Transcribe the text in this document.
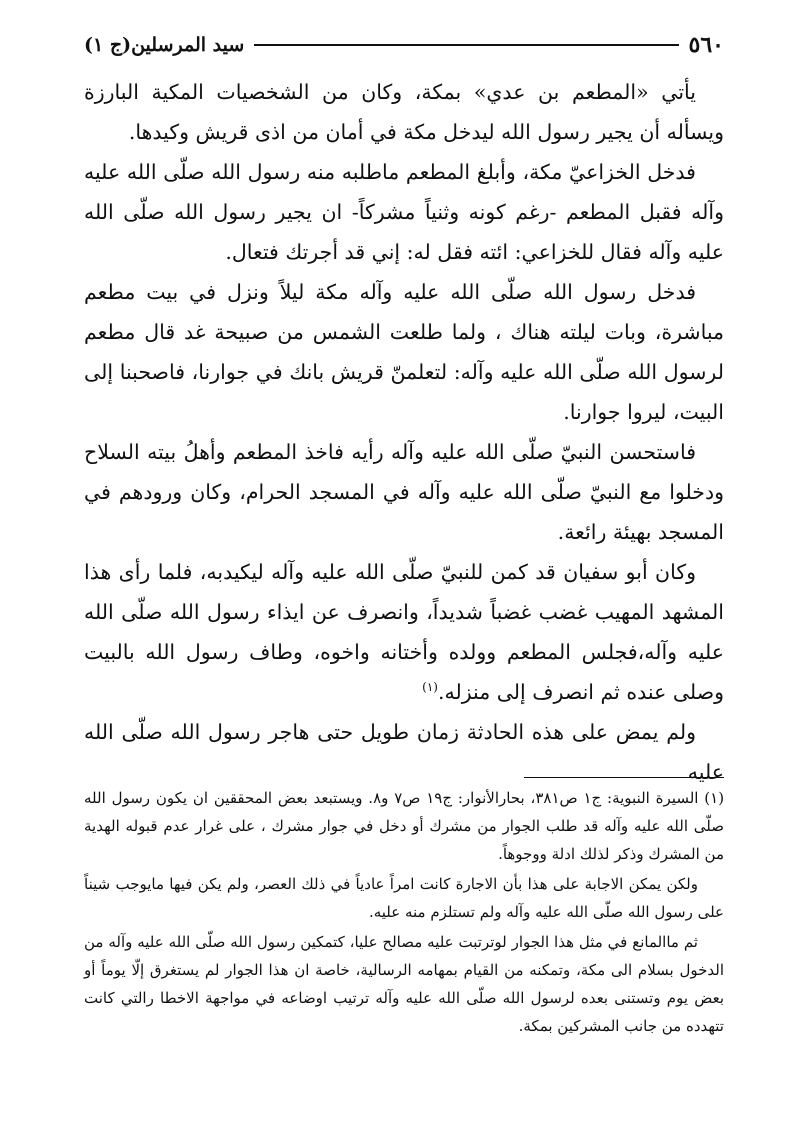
٥٦٠
سيد المرسلين(ج ١)

يأتي «المطعم بن عدي» بمكة، وكان من الشخصيات المكية البارزة ويسأله أن يجير رسول الله ليدخل مكة في أمان من اذى قريش وكيدها.

فدخل الخزاعيّ مكة، وأبلغ المطعم ماطلبه منه رسول الله صلّى الله عليه وآله فقبل المطعم -رغم كونه وثنياً مشركاً- ان يجير رسول الله صلّى الله عليه وآله فقال للخزاعي: ائته فقل له: إني قد أجرتك فتعال.

فدخل رسول الله صلّى الله عليه وآله مكة ليلاً ونزل في بيت مطعم مباشرة، وبات ليلته هناك ، ولما طلعت الشمس من صبيحة غد قال مطعم لرسول الله صلّى الله عليه وآله: لتعلمنّ قريش بانك في جوارنا، فاصحبنا إلى البيت، ليروا جوارنا.

فاستحسن النبيّ صلّى الله عليه وآله رأيه فاخذ المطعم وأهلُ بيته السلاح ودخلوا مع النبيّ صلّى الله عليه وآله في المسجد الحرام، وكان ورودهم في المسجد بهيئة رائعة.

وكان أبو سفيان قد كمن للنبيّ صلّى الله عليه وآله ليكيدبه، فلما رأى هذا المشهد المهيب غضب غضباً شديداً، وانصرف عن ايذاء رسول الله صلّى الله عليه وآله،فجلس المطعم وولده وأختانه واخوه، وطاف رسول الله بالبيت وصلى عنده ثم انصرف إلى منزله.$^{(١)}$

ولم يمض على هذه الحادثة زمان طويل حتى هاجر رسول الله صلّى الله عليه

(١) السيرة النبوية: ج١ ص٣٨١، بحارالأنوار: ج١٩ ص٧ و٨. ويستبعد بعض المحققين ان يكون رسول الله صلّى الله عليه وآله قد طلب الجوار من مشرك أو دخل في جوار مشرك ، على غرار عدم قبوله الهدية من المشرك وذكر لذلك ادلة ووجوهاً.

ولكن يمكن الاجابة على هذا بأن الاجارة كانت امراً عادياً في ذلك العصر، ولم يكن فيها مايوجب شيناً على رسول الله صلّى الله عليه وآله ولم تستلزم منه عليه.

ثم ماالمانع في مثل هذا الجوار لوترتبت عليه مصالح عليا، كتمكين رسول الله صلّى الله عليه وآله من الدخول بسلام الى مكة، وتمكنه من القيام بمهامه الرسالية، خاصة ان هذا الجوار لم يستغرق إلّا يوماً أو بعض يوم وتستنى بعده لرسول الله صلّى الله عليه وآله ترتيب اوضاعه في مواجهة الاخطا رالتي كانت تتهدده من جانب المشركين بمكة.
